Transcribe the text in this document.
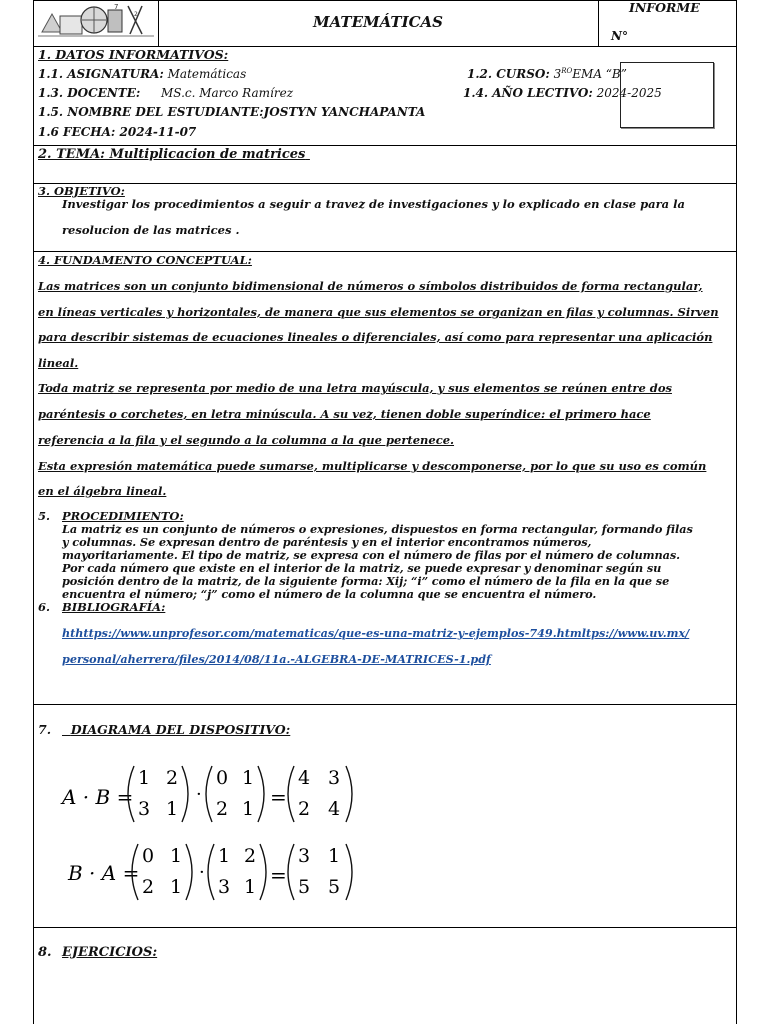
7
2	MATEMÁTICAS
INFORME
N°
1. DATOS INFORMATIVOS:
1.1. ASIGNATURA: Matemáticas	1.2. CURSO: $3^{RO}EMA$ “B”
1.3. DOCENTE: MS.c. Marco Ramírez	1.4. AÑO LECTIVO: 2024-2025
1.5. NOMBRE DEL ESTUDIANTE:JOSTYN YANCHAPANTA
1.6 FECHA: 2024-11-07
2. TEMA: Multiplicacion de matrices
3. OBJETIVO:
Investigar los procedimientos a seguir a travez de investigaciones y lo explicado en clase para la
resolucion de las matrices .
4. FUNDAMENTO CONCEPTUAL:
Las matrices son un conjunto bidimensional de números o símbolos distribuidos de forma rectangular,
en líneas verticales y horizontales, de manera que sus elementos se organizan en filas y columnas. Sirven
para describir sistemas de ecuaciones lineales o diferenciales, así como para representar una aplicación
lineal.
Toda matriz se representa por medio de una letra mayúscula, y sus elementos se reúnen entre dos
paréntesis o corchetes, en letra minúscula. A su vez, tienen doble superíndice: el primero hace
referencia a la fila y el segundo a la columna a la que pertenece.
Esta expresión matemática puede sumarse, multiplicarse y descomponerse, por lo que su uso es común
en el álgebra lineal.
5. PROCEDIMIENTO:
La matriz es un conjunto de números o expresiones, dispuestos en forma rectangular, formando filas
y columnas. Se expresan dentro de paréntesis y en el interior encontramos números,
mayoritariamente. El tipo de matriz, se expresa con el número de filas por el número de columnas.
Por cada número que existe en el interior de la matriz, se puede expresar y denominar según su
posición dentro de la matriz, de la siguiente forma: Xij; “i” como el número de la fila en la que se
encuentra el número; “j” como el número de la columna que se encuentra el número.
6. BIBLIOGRAFÍA:
hthttps://www.unprofesor.com/matematicas/que-es-una-matriz-y-ejemplos-749.htmltps://www.uv.mx/
personal/aherrera/files/2014/08/11a.-ALGEBRA-DE-MATRICES-1.pdf
7.	DIAGRAMA DEL DISPOSITIVO:
A · B =
1 2
3 1
·
0 1
2 1 =
4 3
2 4
B · A =
0 1
2 1
·
1 2
3 1 =
3 1
5 5
8. EJERCICIOS:
